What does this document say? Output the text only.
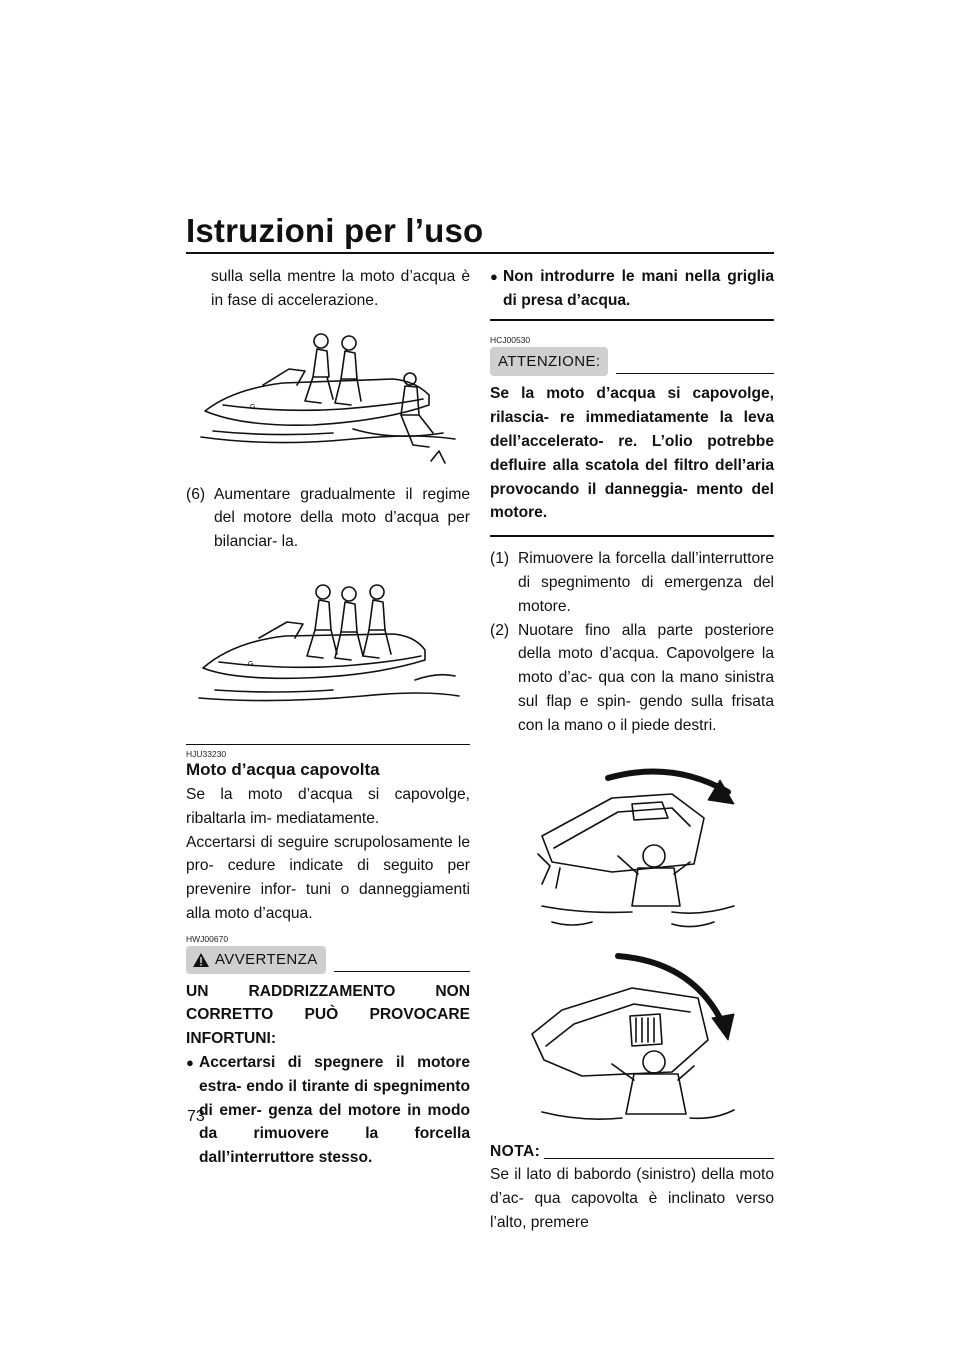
Istruzioni per l’uso

sulla sella mentre la moto d’acqua è in fase di accelerazione.

G
(6) Aumentare gradualmente il regime del motore della moto d’acqua per bilanciar- la.
G
HJU33230
Moto d’acqua capovolta

Se la moto d’acqua si capovolge, ribaltarla im- mediatamente.

Accertarsi di seguire scrupolosamente le pro- cedure indicate di seguito per prevenire infor- tuni o danneggiamenti alla moto d’acqua.

HWJ00670
AVVERTENZA

UN RADDRIZZAMENTO NON CORRETTO PUÒ PROVOCARE INFORTUNI:

● Accertarsi di spegnere il motore estra- endo il tirante di spegnimento di emer- genza del motore in modo da rimuovere la forcella dall’interruttore stesso.
● Non introdurre le mani nella griglia di presa d’acqua.
HCJ00530
ATTENZIONE:

Se la moto d’acqua si capovolge, rilascia- re immediatamente la leva dell’accelerato- re. L’olio potrebbe defluire alla scatola del filtro dell’aria provocando il danneggia- mento del motore.

(1) Rimuovere la forcella dall’interruttore di spegnimento di emergenza del motore.
(2) Nuotare fino alla parte posteriore della moto d’acqua. Capovolgere la moto d’ac- qua con la mano sinistra sul flap e spin- gendo sulla frisata con la mano o il piede destri.
NOTA:

Se il lato di babordo (sinistro) della moto d’ac- qua capovolta è inclinato verso l’alto, premere

73
